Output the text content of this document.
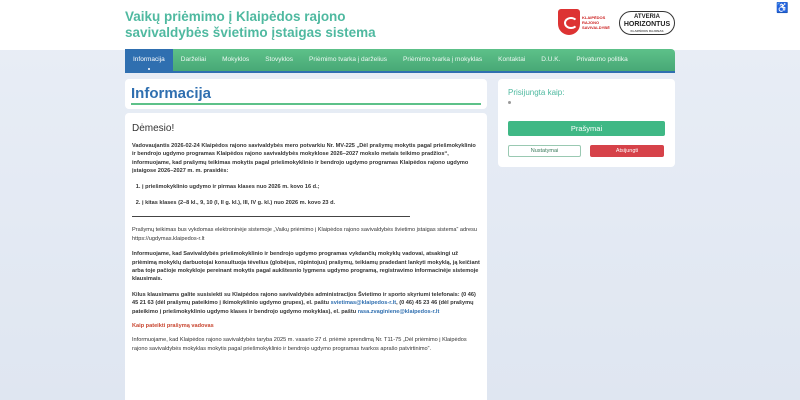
Vaikų priėmimo į Klaipėdos rajono savivaldybės švietimo įstaigas sistema
KLAIPĖDOS RAJONO SAVIVALDYBĖ
ATVERIA
HORIZONTUS
KLAIPĖDOS RAJONAS
♿
Informacija	Darželiai	Mokyklos	Stovyklos	Priėmimo tvarka į darželius	Priėmimo tvarka į mokyklas	Kontaktai	D.U.K.	Privatumo politika
Informacija
Dėmesio!
Vadovaujantis 2026-02-24 Klaipėdos rajono savivaldybės mero potvarkiu Nr. MV-225 „Dėl prašymų mokytis pagal priešmokyklinio ir bendrojo ugdymo programas Klaipėdos rajono savivaldybės mokyklose 2026–2027 mokslo metais teikimo pradžios“, informuojame, kad prašymų teikimas mokytis pagal priešmokyklinio ir bendrojo ugdymo programas Klaipėdos rajono ugdymo įstaigose 2026–2027 m. m. prasidės:
1. į priešmokyklinio ugdymo ir pirmas klases nuo 2026 m. kovo 16 d.;
2. į kitas klases (2–8 kl., 9, 10 (I, II g. kl.), III, IV g. kl.) nuo 2026 m. kovo 23 d.
Prašymų teikimas bus vykdomas elektroninėje sistemoje „Vaikų priėmimo į Klaipėdos rajono savivaldybės švietimo įstaigas sistema“ adresu https://ugdymas.klaipedos-r.lt
Informuojame, kad Savivaldybės priešmokyklinio ir bendrojo ugdymo programas vykdančių mokyklų vadovai, atsakingi už priėmimą mokyklų darbuotojai konsultuoja tėvelius (globėjus, rūpintojus) prašymų, teikiamų pradedant lankyti mokyklą, ją keičiant arba toje pačioje mokykloje pereinant mokytis pagal aukštesnio lygmens ugdymo programą, registravimo informacinėje sistemoje klausimais.
Kilus klausimams galite susisiekti su Klaipėdos rajono savivaldybės administracijos Švietimo ir sporto skyriumi telefonais: (0 46) 45 21 63 (dėl prašymų pateikimo į ikimokyklinio ugdymo grupes), el. paštu svietimas@klaipedos-r.lt, (0 46) 45 23 46 (dėl prašymų pateikimo į priešmokyklinio ugdymo klases ir bendrojo ugdymo mokyklas), el. paštu rasa.zvaginiene@klaipedos-r.lt
Kaip pateikti prašymą vadovas
Informuojame, kad Klaipėdos rajono savivaldybės taryba 2025 m. vasario 27 d. priėmė sprendimą Nr. T11-75 „Dėl priėmimo į Klaipėdos rajono savivaldybės mokyklas mokytis pagal priešmokyklinio ir bendrojo ugdymo programas tvarkos aprašo patvirtinimo“.
Prisijungta kaip:
Prašymai
Nustatymai	Atsijungti
